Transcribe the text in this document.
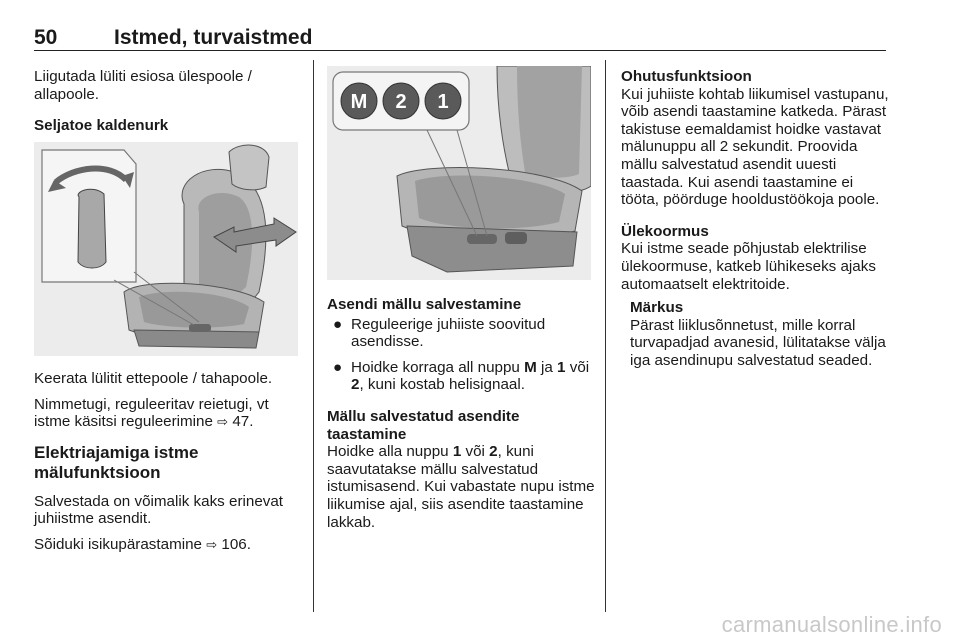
50	Istmed, turvaistmed

Liigutada lüliti esiosa ülespoole / allapoole.

Seljatoe kaldenurk

Keerata lülitit ettepoole / tahapoole.

Nimmetugi, reguleeritav reietugi, vt istme käsitsi reguleerimine ⇨ 47.

Elektriajamiga istme
mälufunktsioon

Salvestada on võimalik kaks erinevat juhiistme asendit.

Sõiduki isikupärastamine ⇨ 106.

M 2 1

Asendi mällu salvestamine

● Reguleerige juhiiste soovitud asendisse.
● Hoidke korraga all nuppu M ja 1 või 2, kuni kostab helisignaal.

Mällu salvestatud asendite
taastamine

Hoidke alla nuppu 1 või 2, kuni saavutatakse mällu salvestatud istumisasend. Kui vabastate nupu istme liikumise ajal, siis asendite taastamine lakkab.

Ohutusfunktsioon

Kui juhiiste kohtab liikumisel vastupanu, võib asendi taastamine katkeda. Pärast takistuse eemaldamist hoidke vastavat mälunuppu all 2 sekundit. Proovida mällu salvestatud asendit uuesti taastada. Kui asendi taastamine ei tööta, pöörduge hooldustöökoja poole.

Ülekoormus

Kui istme seade põhjustab elektrilise ülekoormuse, katkeb lühikeseks ajaks automaatselt elektritoide.

Märkus

Pärast liiklusõnnetust, mille korral turvapadjad avanesid, lülitatakse välja iga asendinupu salvestatud seaded.

carmanualsonline.info
